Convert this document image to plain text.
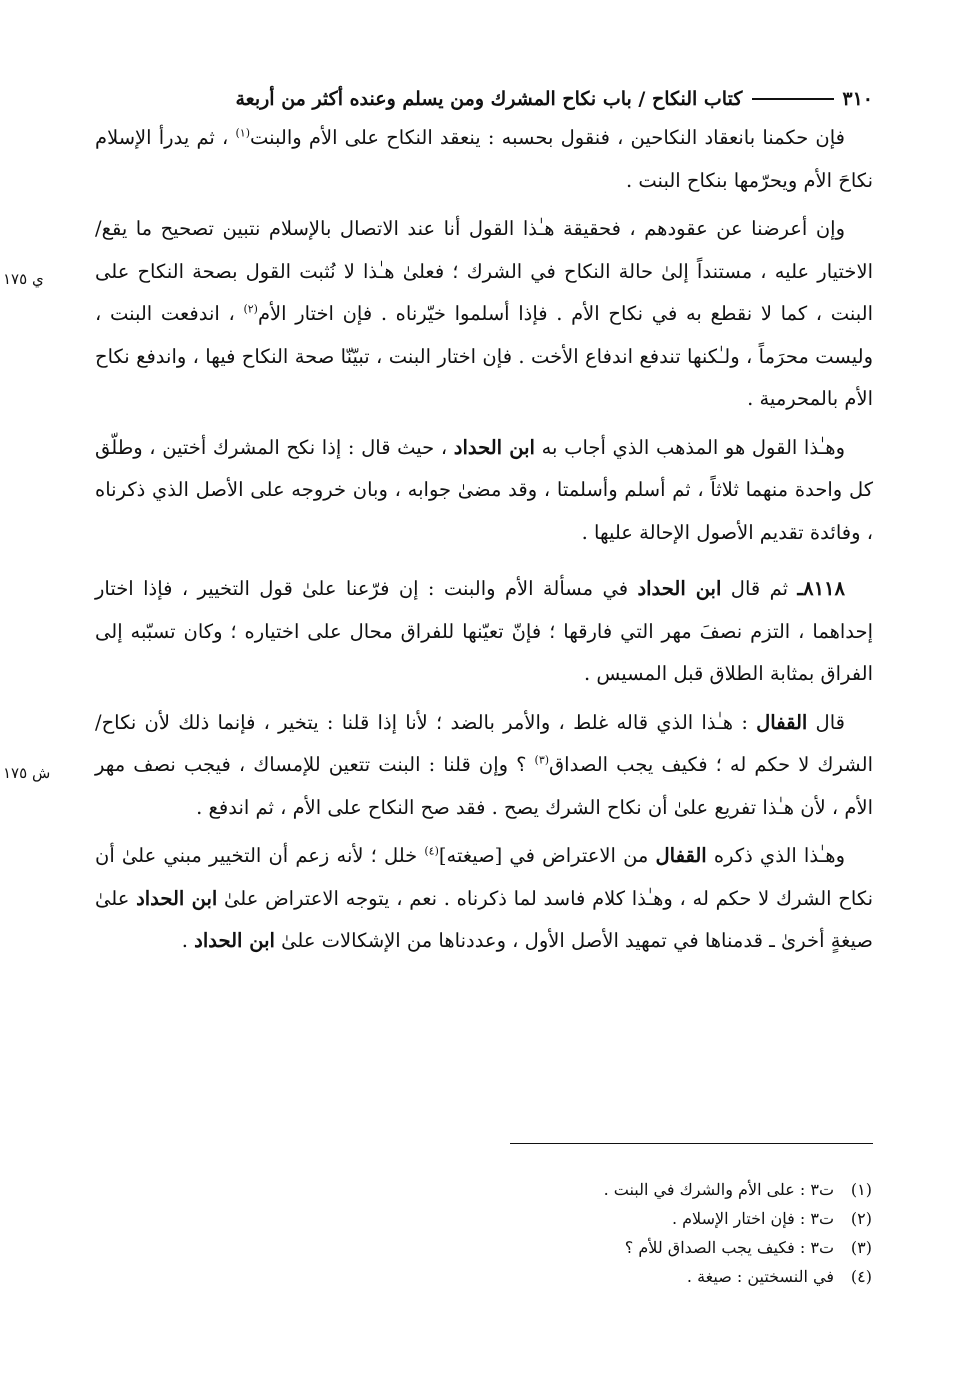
٣١٠
كتاب النكاح / باب نكاح المشرك ومن يسلم وعنده أكثر من أربعة

فإن حكمنا بانعقاد النكاحين ، فنقول بحسبه : ينعقد النكاح على الأم والبنت$^{(١)}$ ، ثم يدرأ الإسلام نكاحَ الأم ويحرّمها بنكاح البنت .

وإن أعرضنا عن عقودهم ، فحقيقة هـٰذا القول أنا عند الاتصال بالإسلام نتبين تصحيح ما يقع/ الاختيار عليه ، مستنداً إلىٰ حالة النكاح في الشرك ؛ فعلىٰ هـٰذا لا نُثبت القول بصحة النكاح على البنت ، كما لا نقطع به في نكاح الأم . فإذا أسلموا خيّرناه . فإن اختار الأم$^{(٢)}$ ، اندفعت البنت ، وليست محرَماً ، ولـٰكنها تندفع اندفاع الأخت . فإن اختار البنت ، تبيّنّا صحة النكاح فيها ، واندفع نكاح الأم بالمحرمية .
ي ١٧٥

وهـٰذا القول هو المذهب الذي أجاب به ابن الحداد ، حيث قال : إذا نكح المشرك أختين ، وطلّق كل واحدة منهما ثلاثاً ، ثم أسلم وأسلمتا ، وقد مضىٰ جوابه ، وبان خروجه على الأصل الذي ذكرناه ، وفائدة تقديم الأصول الإحالة عليها .

٨١١٨ـ ثم قال ابن الحداد في مسألة الأم والبنت : إن فرّعنا علىٰ قول التخيير ، فإذا اختار إحداهما ، التزم نصفَ مهر التي فارقها ؛ فإنّ تعيّنها للفراق محال على اختياره ؛ وكان تسبّبه إلى الفراق بمثابة الطلاق قبل المسيس .

قال القفال : هـٰذا الذي قاله غلط ، والأمر بالضد ؛ لأنا إذا قلنا : يتخير ، فإنما ذلك لأن نكاح/ الشرك لا حكم له ؛ فكيف يجب الصداق$^{(٣)}$ ؟ وإن قلنا : البنت تتعين للإمساك ، فيجب نصف مهر الأم ، لأن هـٰذا تفريع علىٰ أن نكاح الشرك يصح . فقد صح النكاح على الأم ، ثم اندفع .
ش ١٧٥

وهـٰذا الذي ذكره القفال من الاعتراض في [صيغته]$^{(٤)}$ خلل ؛ لأنه زعم أن التخيير مبني علىٰ أن نكاح الشرك لا حكم له ، وهـٰذا كلام فاسد لما ذكرناه . نعم ، يتوجه الاعتراض علىٰ ابن الحداد علىٰ صيغةٍ أخرىٰ ـ قدمناها في تمهيد الأصل الأول ، وعددناها من الإشكالات علىٰ ابن الحداد .

(١)
ت٣ : على الأم والشرك في البنت .
(٢)
ت٣ : فإن اختار الإسلام .
(٣)
ت٣ : فكيف يجب الصداق للأم ؟
(٤)
في النسختين : صيغة .
